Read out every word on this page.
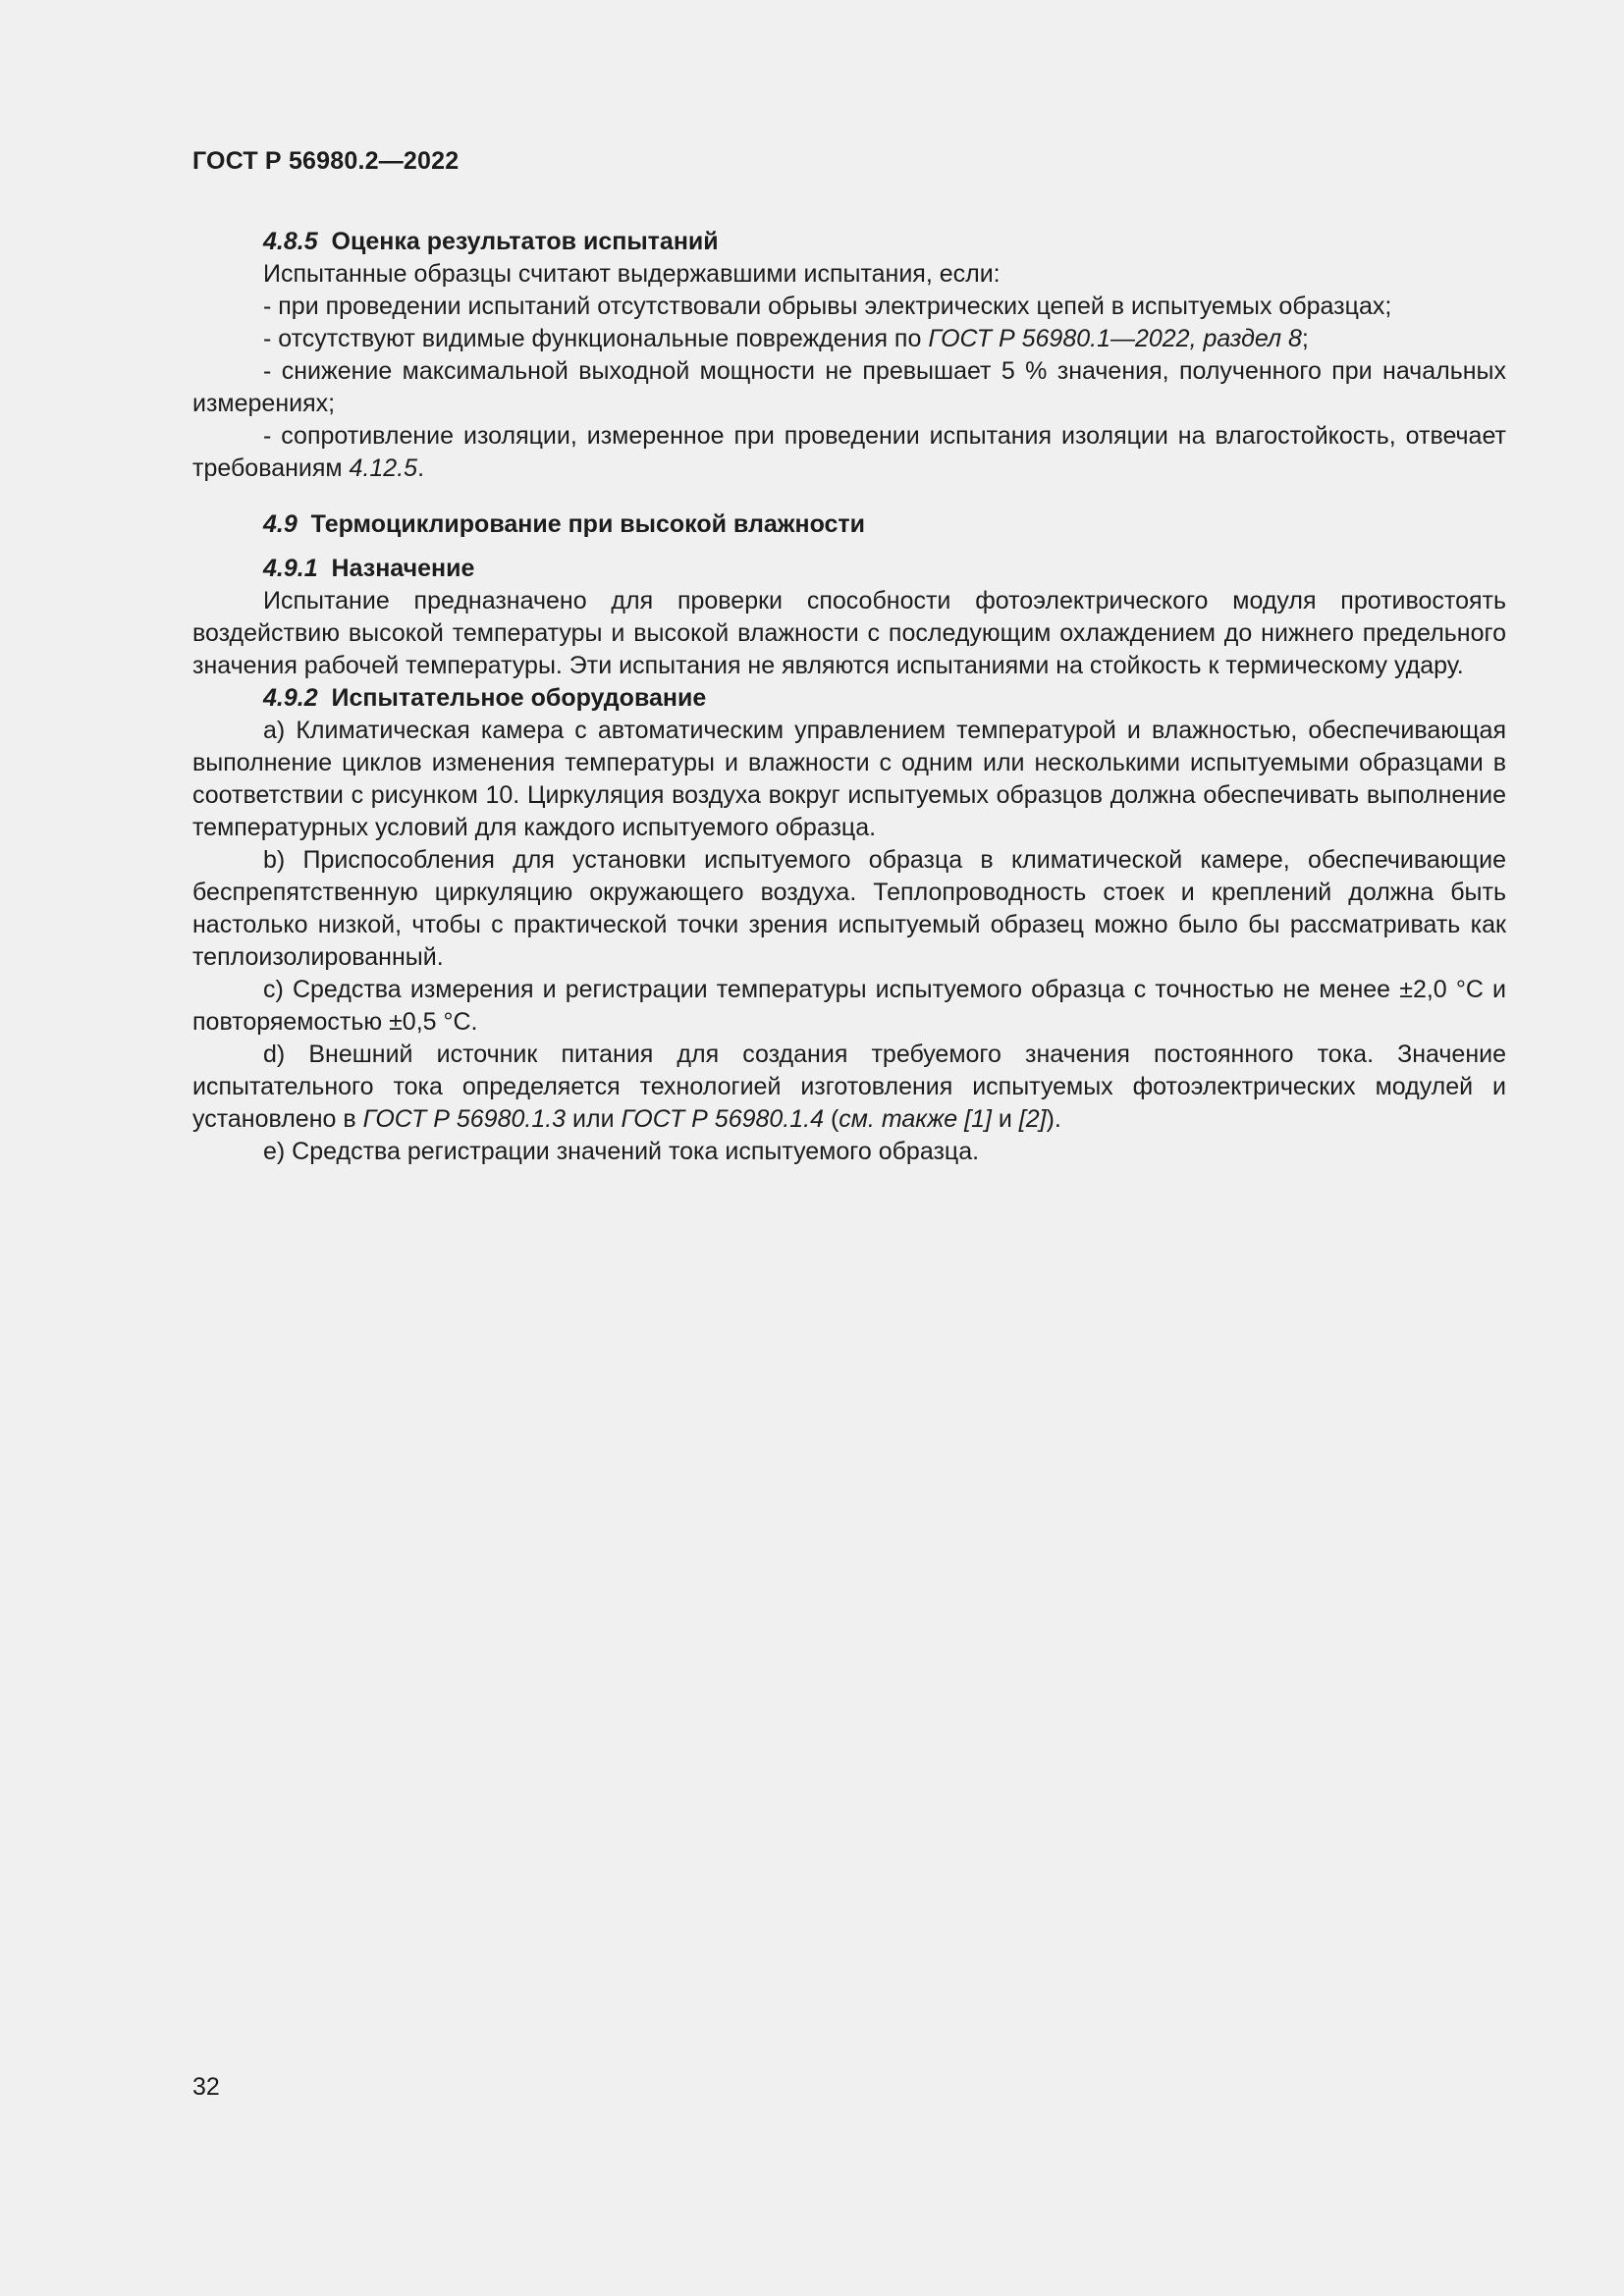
ГОСТ Р 56980.2—2022

4.8.5 Оценка результатов испытаний

Испытанные образцы считают выдержавшими испытания, если:

- при проведении испытаний отсутствовали обрывы электрических цепей в испытуемых образцах;

- отсутствуют видимые функциональные повреждения по ГОСТ Р 56980.1—2022, раздел 8;

- снижение максимальной выходной мощности не превышает 5 % значения, полученного при начальных измерениях;

- сопротивление изоляции, измеренное при проведении испытания изоляции на влагостойкость, отвечает требованиям 4.12.5.

4.9 Термоциклирование при высокой влажности

4.9.1 Назначение

Испытание предназначено для проверки способности фотоэлектрического модуля противостоять воздействию высокой температуры и высокой влажности с последующим охлаждением до нижнего предельного значения рабочей температуры. Эти испытания не являются испытаниями на стойкость к термическому удару.

4.9.2 Испытательное оборудование

a) Климатическая камера с автоматическим управлением температурой и влажностью, обеспечивающая выполнение циклов изменения температуры и влажности с одним или несколькими испытуемыми образцами в соответствии с рисунком 10. Циркуляция воздуха вокруг испытуемых образцов должна обеспечивать выполнение температурных условий для каждого испытуемого образца.

b) Приспособления для установки испытуемого образца в климатической камере, обеспечивающие беспрепятственную циркуляцию окружающего воздуха. Теплопроводность стоек и креплений должна быть настолько низкой, чтобы с практической точки зрения испытуемый образец можно было бы рассматривать как теплоизолированный.

c) Средства измерения и регистрации температуры испытуемого образца с точностью не менее ±2,0 °С и повторяемостью ±0,5 °С.

d) Внешний источник питания для создания требуемого значения постоянного тока. Значение испытательного тока определяется технологией изготовления испытуемых фотоэлектрических модулей и установлено в ГОСТ Р 56980.1.3 или ГОСТ Р 56980.1.4 (см. также [1] и [2]).

e) Средства регистрации значений тока испытуемого образца.

32
